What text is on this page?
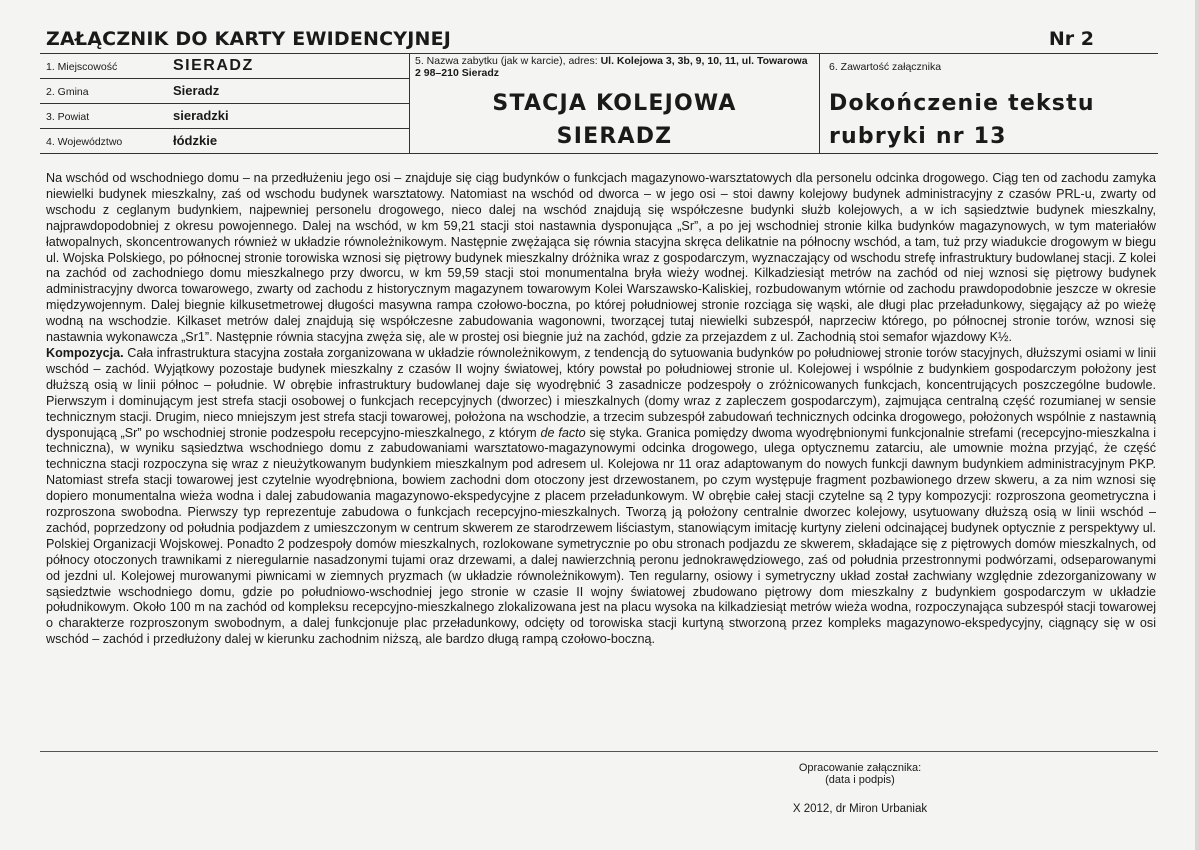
ZAŁĄCZNIK DO KARTY EWIDENCYJNEJ	Nr 2
1. Miejscowość	SIERADZ
2. Gmina	Sieradz
3. Powiat	sieradzki
4. Województwo	łódzkie
5. Nazwa zabytku (jak w karcie), adres: Ul. Kolejowa 3, 3b, 9, 10, 11, ul. Towarowa 2 98–210 Sieradz
STACJA KOLEJOWA
SIERADZ
6. Zawartość załącznika
Dokończenie tekstu
rubryki nr 13

Na wschód od wschodniego domu – na przedłużeniu jego osi – znajduje się ciąg budynków o funkcjach magazynowo-warsztatowych dla personelu odcinka drogowego. Ciąg ten od zachodu zamyka niewielki budynek mieszkalny, zaś od wschodu budynek warsztatowy. Natomiast na wschód od dworca – w jego osi – stoi dawny kolejowy budynek administracyjny z czasów PRL-u, zwarty od wschodu z ceglanym budynkiem, najpewniej personelu drogowego, nieco dalej na wschód znajdują się współczesne budynki służb kolejowych, a w ich sąsiedztwie budynek mieszkalny, najprawdopodobniej z okresu powojennego. Dalej na wschód, w km 59,21 stacji stoi nastawnia dysponująca „Sr”, a po jej wschodniej stronie kilka budynków magazynowych, w tym materiałów łatwopalnych, skoncentrowanych również w układzie równoleżnikowym. Następnie zwężająca się równia stacyjna skręca delikatnie na północny wschód, a tam, tuż przy wiadukcie drogowym w biegu ul. Wojska Polskiego, po północnej stronie torowiska wznosi się piętrowy budynek mieszkalny dróżnika wraz z gospodarczym, wyznaczający od wschodu strefę infrastruktury budowlanej stacji. Z kolei na zachód od zachodniego domu mieszkalnego przy dworcu, w km 59,59 stacji stoi monumentalna bryła wieży wodnej. Kilkadziesiąt metrów na zachód od niej wznosi się piętrowy budynek administracyjny dworca towarowego, zwarty od zachodu z historycznym magazynem towarowym Kolei Warszawsko-Kaliskiej, rozbudowanym wtórnie od zachodu prawdopodobnie jeszcze w okresie międzywojennym. Dalej biegnie kilkusetmetrowej długości masywna rampa czołowo-boczna, po której południowej stronie rozciąga się wąski, ale długi plac przeładunkowy, sięgający aż po wieżę wodną na wschodzie. Kilkaset metrów dalej znajdują się współczesne zabudowania wagonowni, tworzącej tutaj niewielki subzespół, naprzeciw którego, po północnej stronie torów, wznosi się nastawnia wykonawcza „Sr1”. Następnie równia stacyjna zwęża się, ale w prostej osi biegnie już na zachód, gdzie za przejazdem z ul. Zachodnią stoi semafor wjazdowy K½.

Kompozycja. Cała infrastruktura stacyjna została zorganizowana w układzie równoleżnikowym, z tendencją do sytuowania budynków po południowej stronie torów stacyjnych, dłuższymi osiami w linii wschód – zachód. Wyjątkowy pozostaje budynek mieszkalny z czasów II wojny światowej, który powstał po południowej stronie ul. Kolejowej i wspólnie z budynkiem gospodarczym położony jest dłuższą osią w linii północ – południe. W obrębie infrastruktury budowlanej daje się wyodrębnić 3 zasadnicze podzespoły o zróżnicowanych funkcjach, koncentrujących poszczególne budowle. Pierwszym i dominującym jest strefa stacji osobowej o funkcjach recepcyjnych (dworzec) i mieszkalnych (domy wraz z zapleczem gospodarczym), zajmująca centralną część rozumianej w sensie technicznym stacji. Drugim, nieco mniejszym jest strefa stacji towarowej, położona na wschodzie, a trzecim subzespół zabudowań technicznych odcinka drogowego, położonych wspólnie z nastawnią dysponującą „Sr” po wschodniej stronie podzespołu recepcyjno-mieszkalnego, z którym de facto się styka. Granica pomiędzy dwoma wyodrębnionymi funkcjonalnie strefami (recepcyjno-mieszkalna i techniczna), w wyniku sąsiedztwa wschodniego domu z zabudowaniami warsztatowo-magazynowymi odcinka drogowego, ulega optycznemu zatarciu, ale umownie można przyjąć, że część techniczna stacji rozpoczyna się wraz z nieużytkowanym budynkiem mieszkalnym pod adresem ul. Kolejowa nr 11 oraz adaptowanym do nowych funkcji dawnym budynkiem administracyjnym PKP. Natomiast strefa stacji towarowej jest czytelnie wyodrębniona, bowiem zachodni dom otoczony jest drzewostanem, po czym występuje fragment pozbawionego drzew skweru, a za nim wznosi się dopiero monumentalna wieża wodna i dalej zabudowania magazynowo-ekspedycyjne z placem przeładunkowym. W obrębie całej stacji czytelne są 2 typy kompozycji: rozproszona geometryczna i rozproszona swobodna. Pierwszy typ reprezentuje zabudowa o funkcjach recepcyjno-mieszkalnych. Tworzą ją położony centralnie dworzec kolejowy, usytuowany dłuższą osią w linii wschód – zachód, poprzedzony od południa podjazdem z umieszczonym w centrum skwerem ze starodrzewem liściastym, stanowiącym imitację kurtyny zieleni odcinającej budynek optycznie z perspektywy ul. Polskiej Organizacji Wojskowej. Ponadto 2 podzespoły domów mieszkalnych, rozlokowane symetrycznie po obu stronach podjazdu ze skwerem, składające się z piętrowych domów mieszkalnych, od północy otoczonych trawnikami z nieregularnie nasadzonymi tujami oraz drzewami, a dalej nawierzchnią peronu jednokrawędziowego, zaś od południa przestronnymi podwórzami, odseparowanymi od jezdni ul. Kolejowej murowanymi piwnicami w ziemnych pryzmach (w układzie równoleżnikowym). Ten regularny, osiowy i symetryczny układ został zachwiany względnie zdezorganizowany w sąsiedztwie wschodniego domu, gdzie po południowo-wschodniej jego stronie w czasie II wojny światowej zbudowano piętrowy dom mieszkalny z budynkiem gospodarczym w układzie południkowym. Około 100 m na zachód od kompleksu recepcyjno-mieszkalnego zlokalizowana jest na placu wysoka na kilkadziesiąt metrów wieża wodna, rozpoczynająca subzespół stacji towarowej o charakterze rozproszonym swobodnym, a dalej funkcjonuje plac przeładunkowy, odcięty od torowiska stacji kurtyną stworzoną przez kompleks magazynowo-ekspedycyjny, ciągnący się w osi wschód – zachód i przedłużony dalej w kierunku zachodnim niższą, ale bardzo długą rampą czołowo-boczną.

Opracowanie załącznika:
(data i podpis)
X 2012, dr Miron Urbaniak
